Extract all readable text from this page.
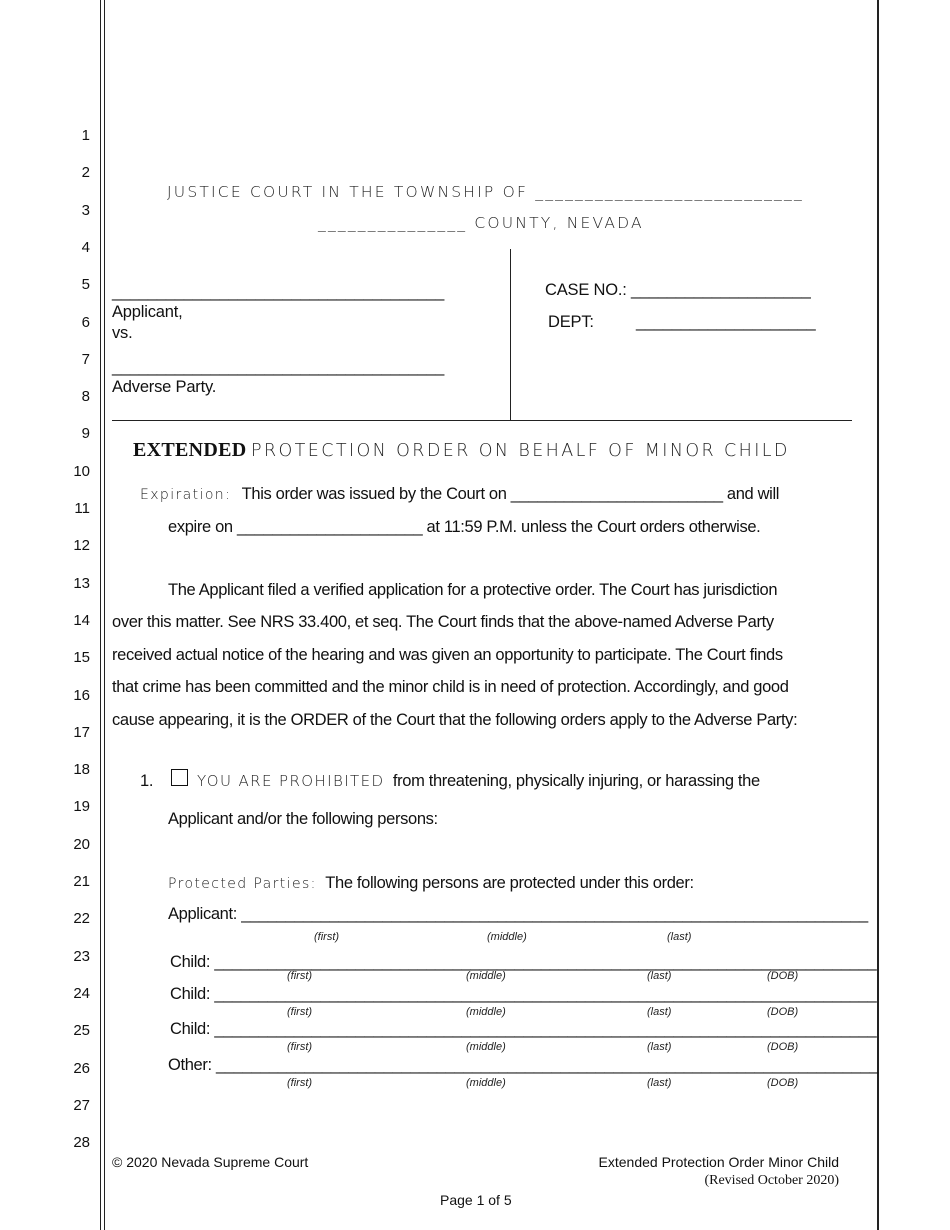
1
2
3
4
5
6
7
8
9
10
11
12
13
14
15
16
17
18
19
20
21
22
23
24
25
26
27
28
JUSTICE COURT IN THE TOWNSHIP OF ___________________________
_______________ COUNTY, NEVADA
_____________________________________
Applicant,
vs.
_____________________________________
Adverse Party.
CASE NO.: ____________________
DEPT:	____________________
EXTENDED PROTECTION ORDER ON BEHALF OF MINOR CHILD
Expiration: This order was issued by the Court on ________________________ and will
expire on _____________________ at 11:59 P.M. unless the Court orders otherwise.
The Applicant filed a verified application for a protective order. The Court has jurisdiction
over this matter. See NRS 33.400, et seq. The Court finds that the above-named Adverse Party
received actual notice of the hearing and was given an opportunity to participate. The Court finds
that crime has been committed and the minor child is in need of protection. Accordingly, and good
cause appearing, it is the ORDER of the Court that the following orders apply to the Adverse Party:
1.	YOU ARE PROHIBITED from threatening, physically injuring, or harassing the
Applicant and/or the following persons:
Protected Parties: The following persons are protected under this order:
Applicant: _______________________________________________________________________
(first)	(middle)	(last)
Child: ___________________________________________________________________________
(first)	(middle)	(last)	(DOB)
Child: ___________________________________________________________________________
(first)	(middle)	(last)	(DOB)
Child: ___________________________________________________________________________
(first)	(middle)	(last)	(DOB)
Other: ___________________________________________________________________________
(first)	(middle)	(last)	(DOB)
© 2020 Nevada Supreme Court	Extended Protection Order Minor Child
(Revised October 2020)
Page 1 of 5
